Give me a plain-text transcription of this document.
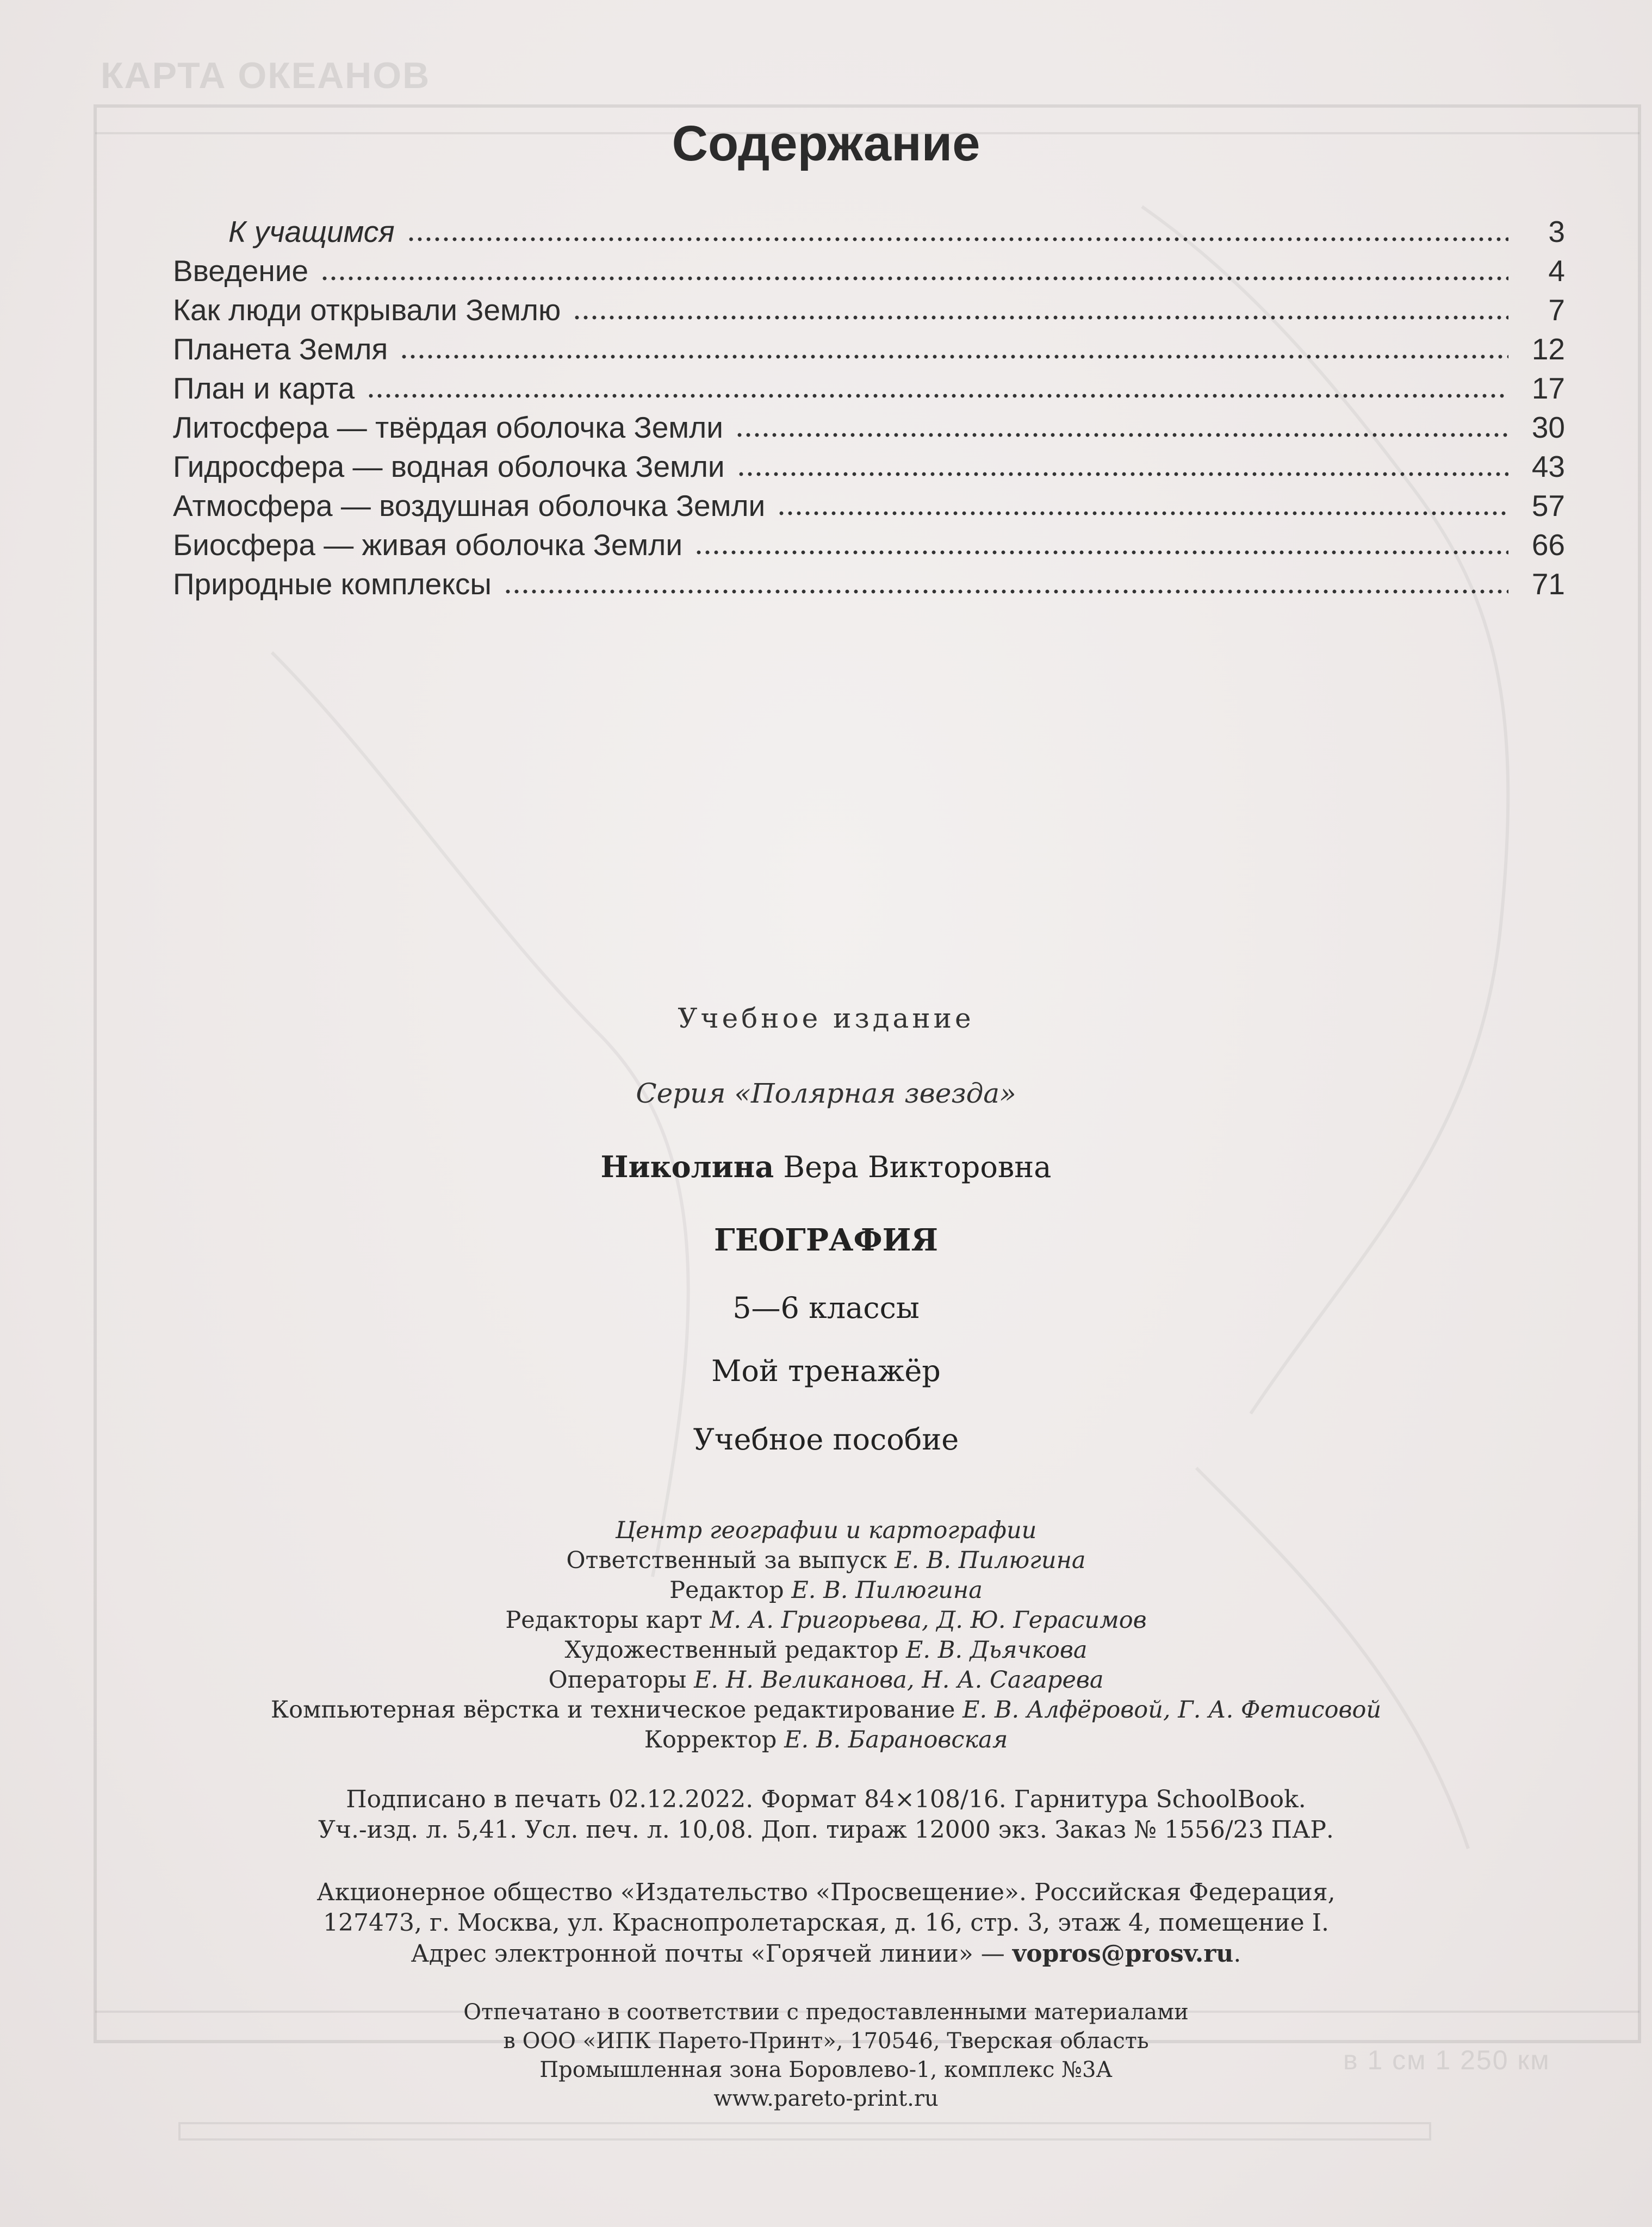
КАРТА ОКЕАНОВ
в 1 см 1 250 км
Содержание
К учащимся	3
Введение	4
Как люди открывали Землю	7
Планета Земля	12
План и карта	17
Литосфера — твёрдая оболочка Земли	30
Гидросфера — водная оболочка Земли	43
Атмосфера — воздушная оболочка Земли	57
Биосфера — живая оболочка Земли	66
Природные комплексы	71
Учебное издание
Серия «Полярная звезда»
Николина Вера Викторовна
ГЕОГРАФИЯ
5—6 классы
Мой тренажёр
Учебное пособие
Центр географии и картографии
Ответственный за выпуск Е. В. Пилюгина
Редактор Е. В. Пилюгина
Редакторы карт М. А. Григорьева, Д. Ю. Герасимов
Художественный редактор Е. В. Дьячкова
Операторы Е. Н. Великанова, Н. А. Сагарева
Компьютерная вёрстка и техническое редактирование Е. В. Алфёровой, Г. А. Фетисовой
Корректор Е. В. Барановская
Подписано в печать 02.12.2022. Формат 84×108/16. Гарнитура SchoolBook.
Уч.-изд. л. 5,41. Усл. печ. л. 10,08. Доп. тираж 12000 экз. Заказ № 1556/23 ПАР.
Акционерное общество «Издательство «Просвещение». Российская Федерация,
127473, г. Москва, ул. Краснопролетарская, д. 16, стр. 3, этаж 4, помещение I.
Адрес электронной почты «Горячей линии» — vopros@prosv.ru.
Отпечатано в соответствии с предоставленными материалами
в ООО «ИПК Парето-Принт», 170546, Тверская область
Промышленная зона Боровлево-1, комплекс №3А
www.pareto-print.ru
